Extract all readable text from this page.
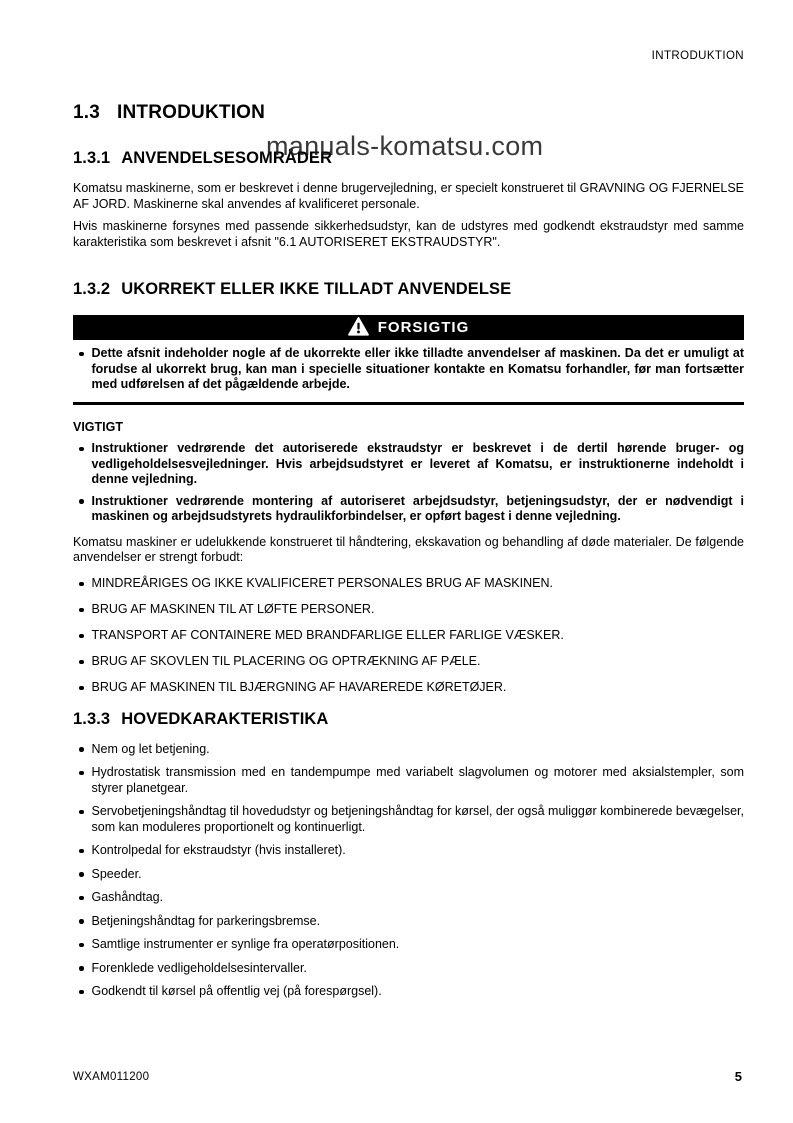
INTRODUKTION
manuals-komatsu.com
1.3 INTRODUKTION
1.3.1 ANVENDELSESOMRÅDER

Komatsu maskinerne, som er beskrevet i denne brugervejledning, er specielt konstrueret til GRAVNING OG FJERNELSE AF JORD. Maskinerne skal anvendes af kvalificeret personale.

Hvis maskinerne forsynes med passende sikkerhedsudstyr, kan de udstyres med godkendt ekstraudstyr med samme karakteristika som beskrevet i afsnit "6.1 AUTORISERET EKSTRAUDSTYR".

1.3.2 UKORREKT ELLER IKKE TILLADT ANVENDELSE
FORSIGTIG
Dette afsnit indeholder nogle af de ukorrekte eller ikke tilladte anvendelser af maskinen. Da det er umuligt at forudse al ukorrekt brug, kan man i specielle situationer kontakte en Komatsu forhandler, før man fortsætter med udførelsen af det pågældende arbejde.
VIGTIGT
Instruktioner vedrørende det autoriserede ekstraudstyr er beskrevet i de dertil hørende bruger- og vedligeholdelsesvejledninger. Hvis arbejdsudstyret er leveret af Komatsu, er instruktionerne indeholdt i denne vejledning.
Instruktioner vedrørende montering af autoriseret arbejdsudstyr, betjeningsudstyr, der er nødvendigt i maskinen og arbejdsudstyrets hydraulikforbindelser, er opført bagest i denne vejledning.

Komatsu maskiner er udelukkende konstrueret til håndtering, ekskavation og behandling af døde materialer. De følgende anvendelser er strengt forbudt:

MINDREÅRIGES OG IKKE KVALIFICERET PERSONALES BRUG AF MASKINEN.
BRUG AF MASKINEN TIL AT LØFTE PERSONER.
TRANSPORT AF CONTAINERE MED BRANDFARLIGE ELLER FARLIGE VÆSKER.
BRUG AF SKOVLEN TIL PLACERING OG OPTRÆKNING AF PÆLE.
BRUG AF MASKINEN TIL BJÆRGNING AF HAVAREREDE KØRETØJER.
1.3.3 HOVEDKARAKTERISTIKA
Nem og let betjening.
Hydrostatisk transmission med en tandempumpe med variabelt slagvolumen og motorer med aksialstempler, som styrer planetgear.
Servobetjeningshåndtag til hovedudstyr og betjeningshåndtag for kørsel, der også muliggør kombinerede bevægelser, som kan moduleres proportionelt og kontinuerligt.
Kontrolpedal for ekstraudstyr (hvis installeret).
Speeder.
Gashåndtag.
Betjeningshåndtag for parkeringsbremse.
Samtlige instrumenter er synlige fra operatørpositionen.
Forenklede vedligeholdelsesintervaller.
Godkendt til kørsel på offentlig vej (på forespørgsel).
WXAM011200	5
